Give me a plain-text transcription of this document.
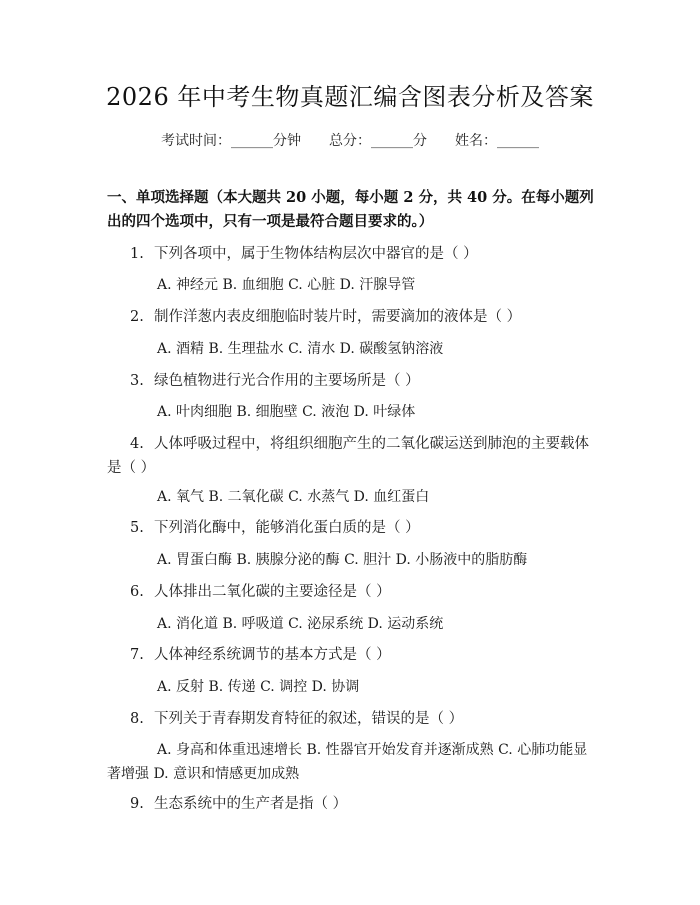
2026 年中考生物真题汇编含图表分析及答案
考试时间：______分钟 总分：______分 姓名：______
一、单项选择题（本大题共 20 小题，每小题 2 分，共 40 分。在每小题列出的四个选项中，只有一项是最符合题目要求的。）
1. 下列各项中，属于生物体结构层次中器官的是（ ）
A. 神经元 B. 血细胞 C. 心脏 D. 汗腺导管
2. 制作洋葱内表皮细胞临时装片时，需要滴加的液体是（ ）
A. 酒精 B. 生理盐水 C. 清水 D. 碳酸氢钠溶液
3. 绿色植物进行光合作用的主要场所是（ ）
A. 叶肉细胞 B. 细胞壁 C. 液泡 D. 叶绿体
4. 人体呼吸过程中，将组织细胞产生的二氧化碳运送到肺泡的主要载体是（ ）
A. 氧气 B. 二氧化碳 C. 水蒸气 D. 血红蛋白
5. 下列消化酶中，能够消化蛋白质的是（ ）
A. 胃蛋白酶 B. 胰腺分泌的酶 C. 胆汁 D. 小肠液中的脂肪酶
6. 人体排出二氧化碳的主要途径是（ ）
A. 消化道 B. 呼吸道 C. 泌尿系统 D. 运动系统
7. 人体神经系统调节的基本方式是（ ）
A. 反射 B. 传递 C. 调控 D. 协调
8. 下列关于青春期发育特征的叙述，错误的是（ ）
A. 身高和体重迅速增长 B. 性器官开始发育并逐渐成熟 C. 心肺功能显著增强 D. 意识和情感更加成熟
9. 生态系统中的生产者是指（ ）
